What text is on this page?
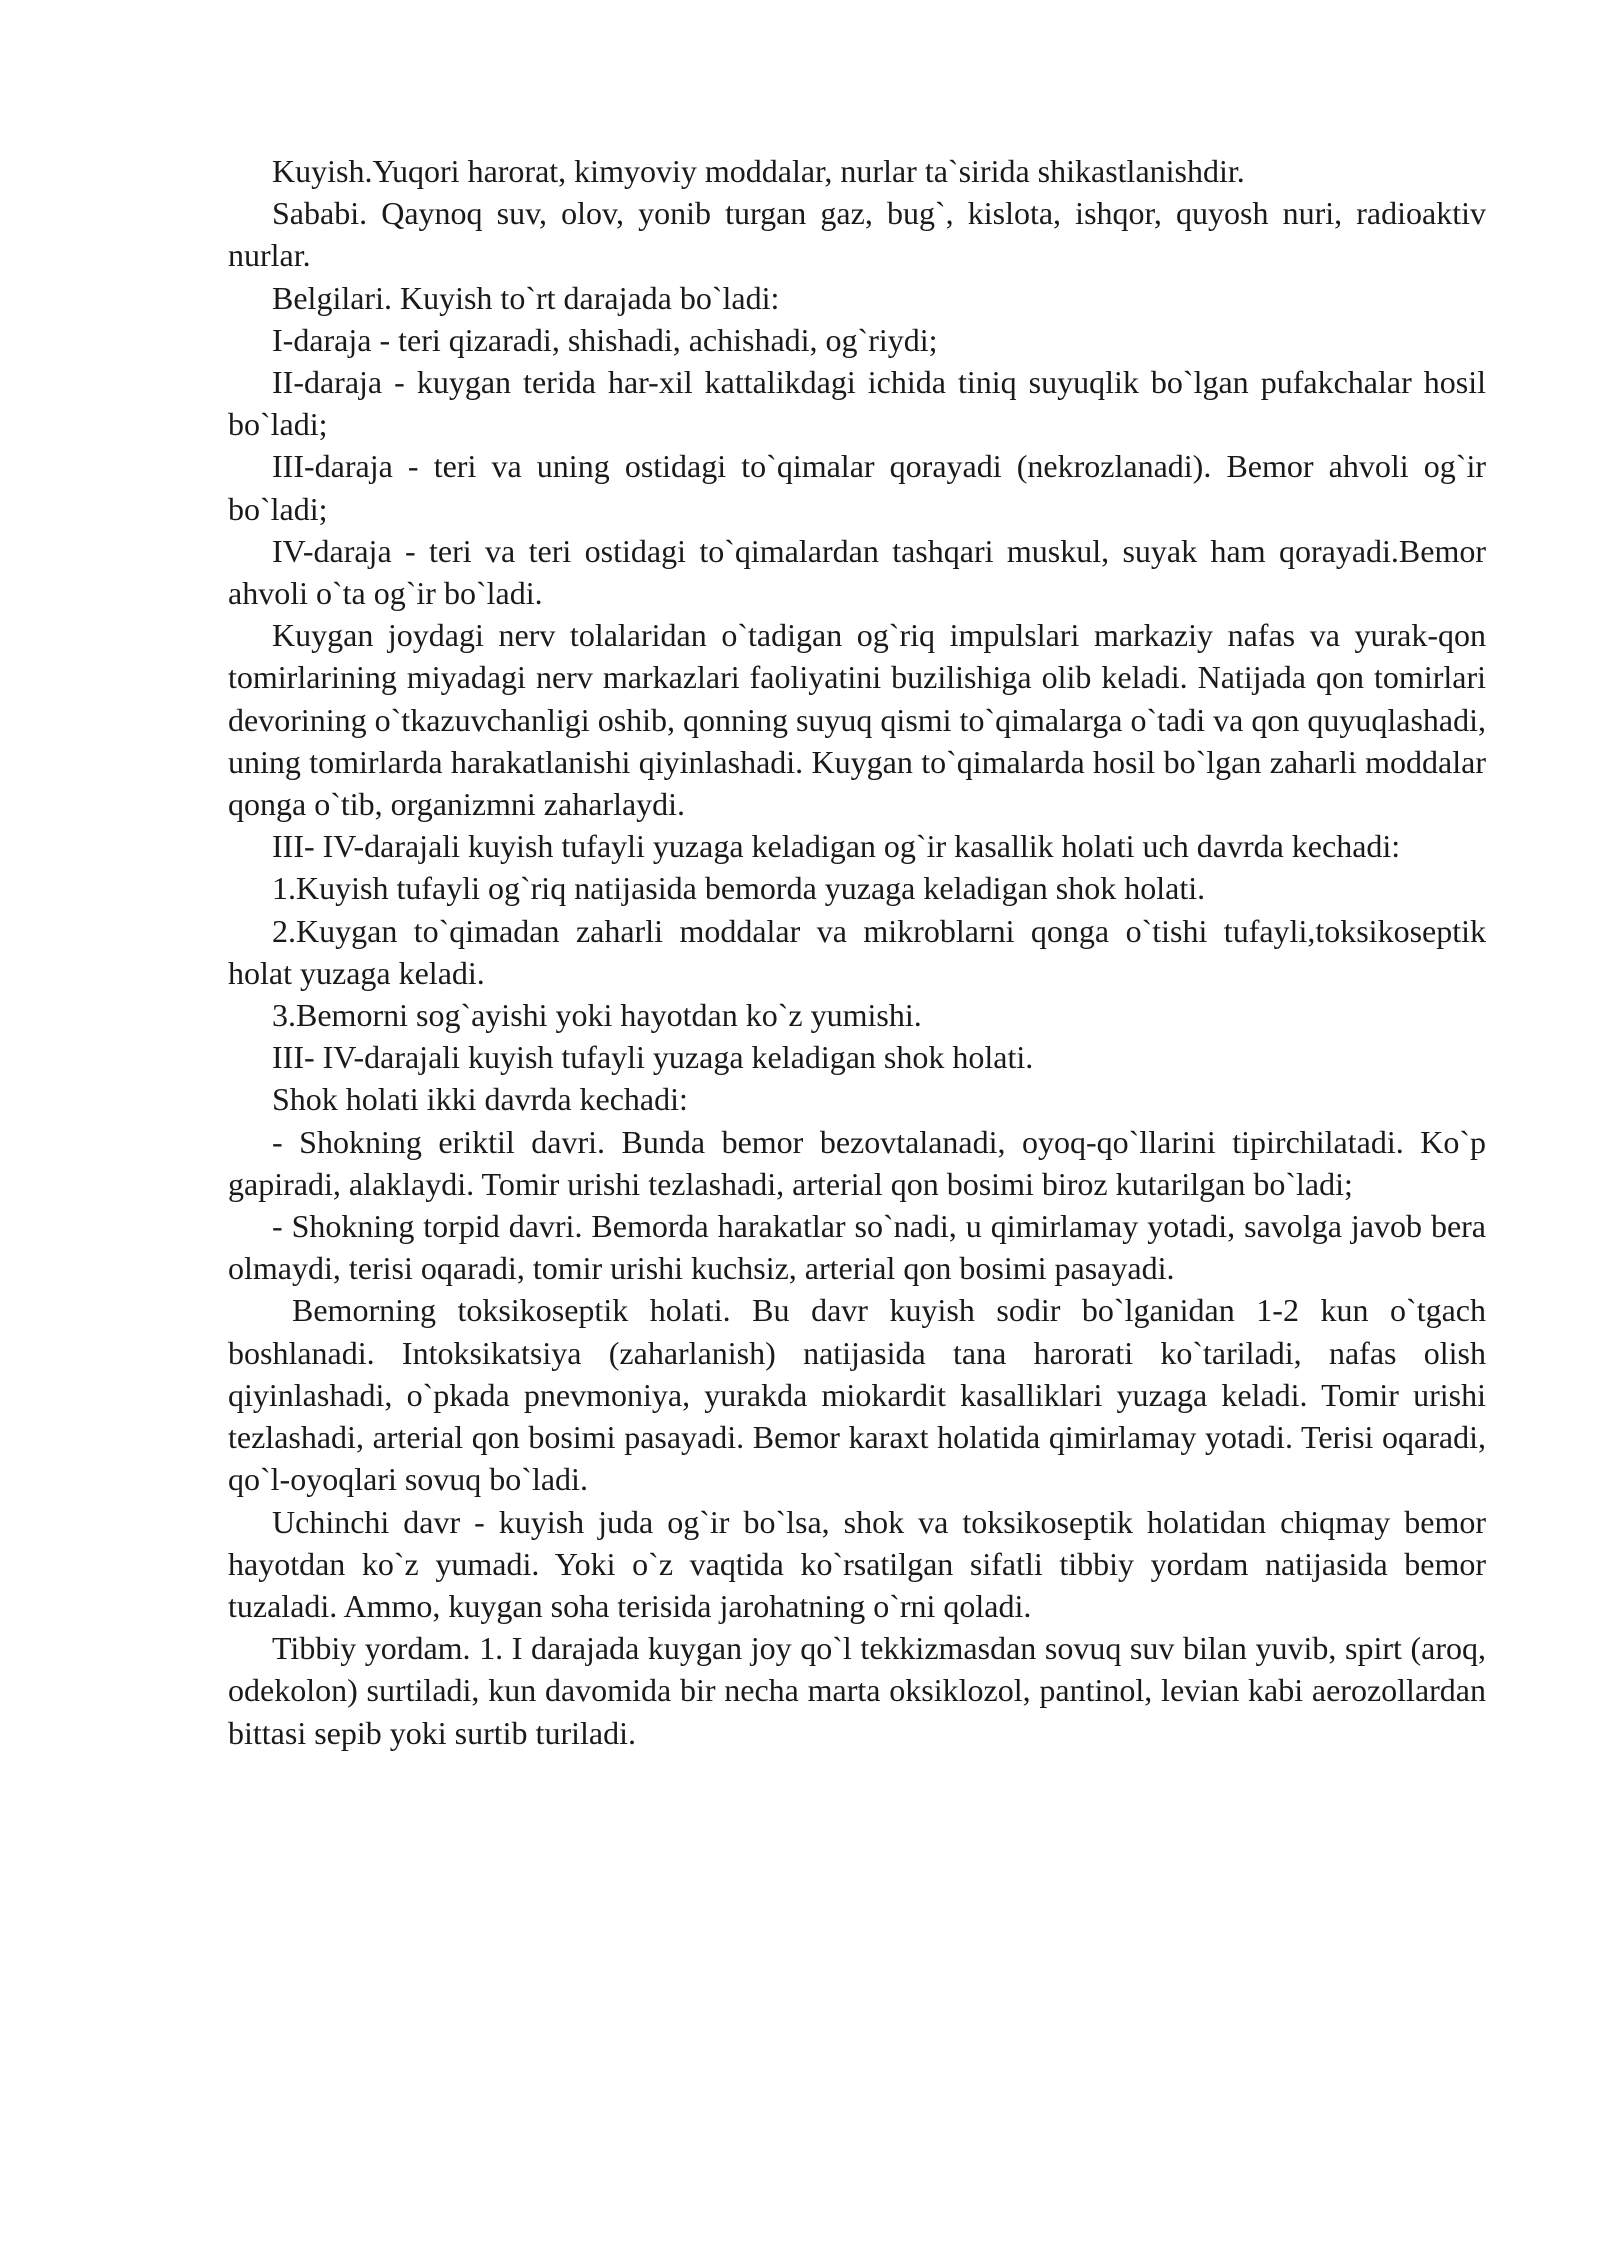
Kuyish.Yuqori harorat, kimyoviy moddalar, nurlar ta`sirida shikastlanishdir.

Sababi. Qaynoq suv, olov, yonib turgan gaz, bug`, kislota, ishqor, quyosh nuri, radioaktiv nurlar.

Belgilari. Kuyish to`rt darajada bo`ladi:

I-daraja - teri qizaradi, shishadi, achishadi, og`riydi;

II-daraja - kuygan terida har-xil kattalikdagi ichida tiniq suyuqlik bo`lgan pufakchalar hosil bo`ladi;

III-daraja - teri va uning ostidagi to`qimalar qorayadi (nekrozlanadi). Bemor ahvoli og`ir bo`ladi;

IV-daraja - teri va teri ostidagi to`qimalardan tashqari muskul, suyak ham qorayadi.Bemor ahvoli o`ta og`ir bo`ladi.

Kuygan joydagi nerv tolalaridan o`tadigan og`riq impulslari markaziy nafas va yurak-qon tomirlarining miyadagi nerv markazlari faoliyatini buzilishiga olib keladi. Natijada qon tomirlari devorining o`tkazuvchanligi oshib, qonning suyuq qismi to`qimalarga o`tadi va qon quyuqlashadi, uning tomirlarda harakatlanishi qiyinlashadi. Kuygan to`qimalarda hosil bo`lgan zaharli moddalar qonga o`tib, organizmni zaharlaydi.

III- IV-darajali kuyish tufayli yuzaga keladigan og`ir kasallik holati uch davrda kechadi:

1.Kuyish tufayli og`riq natijasida bemorda yuzaga keladigan shok holati.

2.Kuygan to`qimadan zaharli moddalar va mikroblarni qonga o`tishi tufayli,toksikoseptik holat yuzaga keladi.

3.Bemorni sog`ayishi yoki hayotdan ko`z yumishi.

III- IV-darajali kuyish tufayli yuzaga keladigan shok holati.

Shok holati ikki davrda kechadi:

- Shokning eriktil davri. Bunda bemor bezovtalanadi, oyoq-qo`llarini tipirchilatadi. Ko`p gapiradi, alaklaydi. Tomir urishi tezlashadi, arterial qon bosimi biroz kutarilgan bo`ladi;

- Shokning torpid davri. Bemorda harakatlar so`nadi, u qimirlamay yotadi, savolga javob bera olmaydi, terisi oqaradi, tomir urishi kuchsiz, arterial qon bosimi pasayadi.

Bemorning toksikoseptik holati. Bu davr kuyish sodir bo`lganidan 1-2 kun o`tgach boshlanadi. Intoksikatsiya (zaharlanish) natijasida tana harorati ko`tariladi, nafas olish qiyinlashadi, o`pkada pnevmoniya, yurakda miokardit kasalliklari yuzaga keladi. Tomir urishi tezlashadi, arterial qon bosimi pasayadi. Bemor karaxt holatida qimirlamay yotadi. Terisi oqaradi, qo`l-oyoqlari sovuq bo`ladi.

Uchinchi davr - kuyish juda og`ir bo`lsa, shok va toksikoseptik holatidan chiqmay bemor hayotdan ko`z yumadi. Yoki o`z vaqtida ko`rsatilgan sifatli tibbiy yordam natijasida bemor tuzaladi. Ammo, kuygan soha terisida jarohatning o`rni qoladi.

Tibbiy yordam. 1. I darajada kuygan joy qo`l tekkizmasdan sovuq suv bilan yuvib, spirt (aroq, odekolon) surtiladi, kun davomida bir necha marta oksiklozol, pantinol, levian kabi aerozollardan bittasi sepib yoki surtib turiladi.
